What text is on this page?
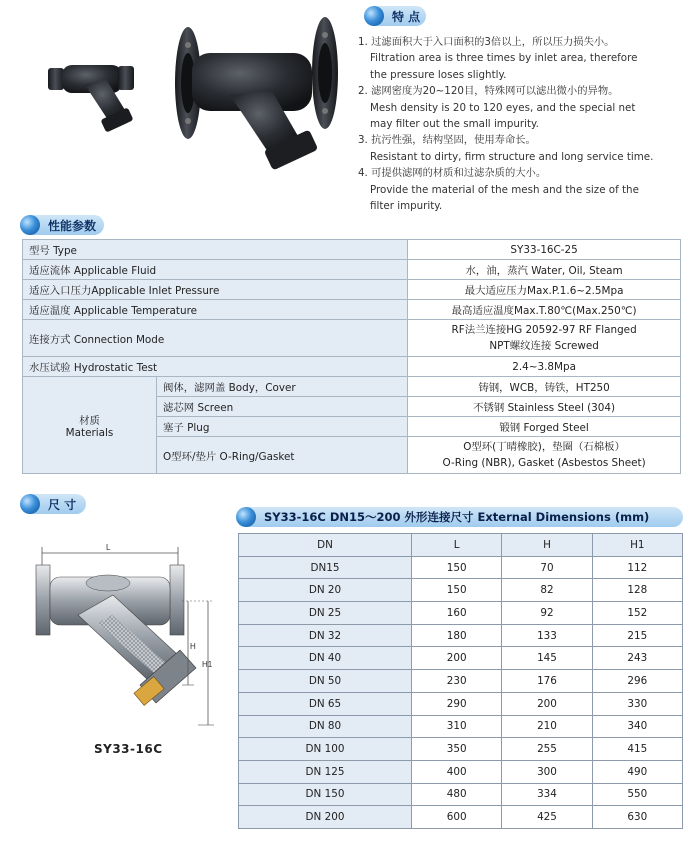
特 点
1. 过滤面积大于入口面积的3倍以上，所以压力损失小。
Filtration area is three times by inlet area, therefore
the pressure loses slightly.
2. 滤网密度为20~120目，特殊网可以滤出微小的异物。
Mesh density is 20 to 120 eyes, and the special net
may filter out the small impurity.
3. 抗污性强，结构坚固，使用寿命长。
Resistant to dirty, firm structure and long service time.
4. 可提供滤网的材质和过滤杂质的大小。
Provide the material of the mesh and the size of the
filter impurity.
性能参数
型号 Type		SY33-16C-25
适应流体 Applicable Fluid		水，油，蒸汽 Water, Oil, Steam
适应入口压力Applicable Inlet Pressure		最大适应压力Max.P.1.6~2.5Mpa
适应温度 Applicable Temperature		最高适应温度Max.T.80℃(Max.250℃)
连接方式 Connection Mode		RF法兰连接HG 20592-97 RF Flanged
NPT螺纹连接 Screwed

水压试验 Hydrostatic Test		2.4~3.8Mpa

材质
Materials	阀体，滤网盖 Body，Cover	铸钢，WCB，铸铁，HT250
	滤芯网 Screen	不锈钢 Stainless Steel (304)
	塞子 Plug	锻钢 Forged Steel
	O型环/垫片 O-Ring/Gasket	O型环(丁晴橡胶)，垫圈（石棉板）
O-Ring (NBR), Gasket (Asbestos Sheet)
尺 寸
SY33-16C DN15～200 外形连接尺寸 External Dimensions (mm)
L
H
H1
SY33-16C
DN	L	H	H1
DN15	150	70	112
DN 20	150	82	128
DN 25	160	92	152
DN 32	180	133	215
DN 40	200	145	243
DN 50	230	176	296
DN 65	290	200	330
DN 80	310	210	340
DN 100	350	255	415
DN 125	400	300	490
DN 150	480	334	550
DN 200	600	425	630
